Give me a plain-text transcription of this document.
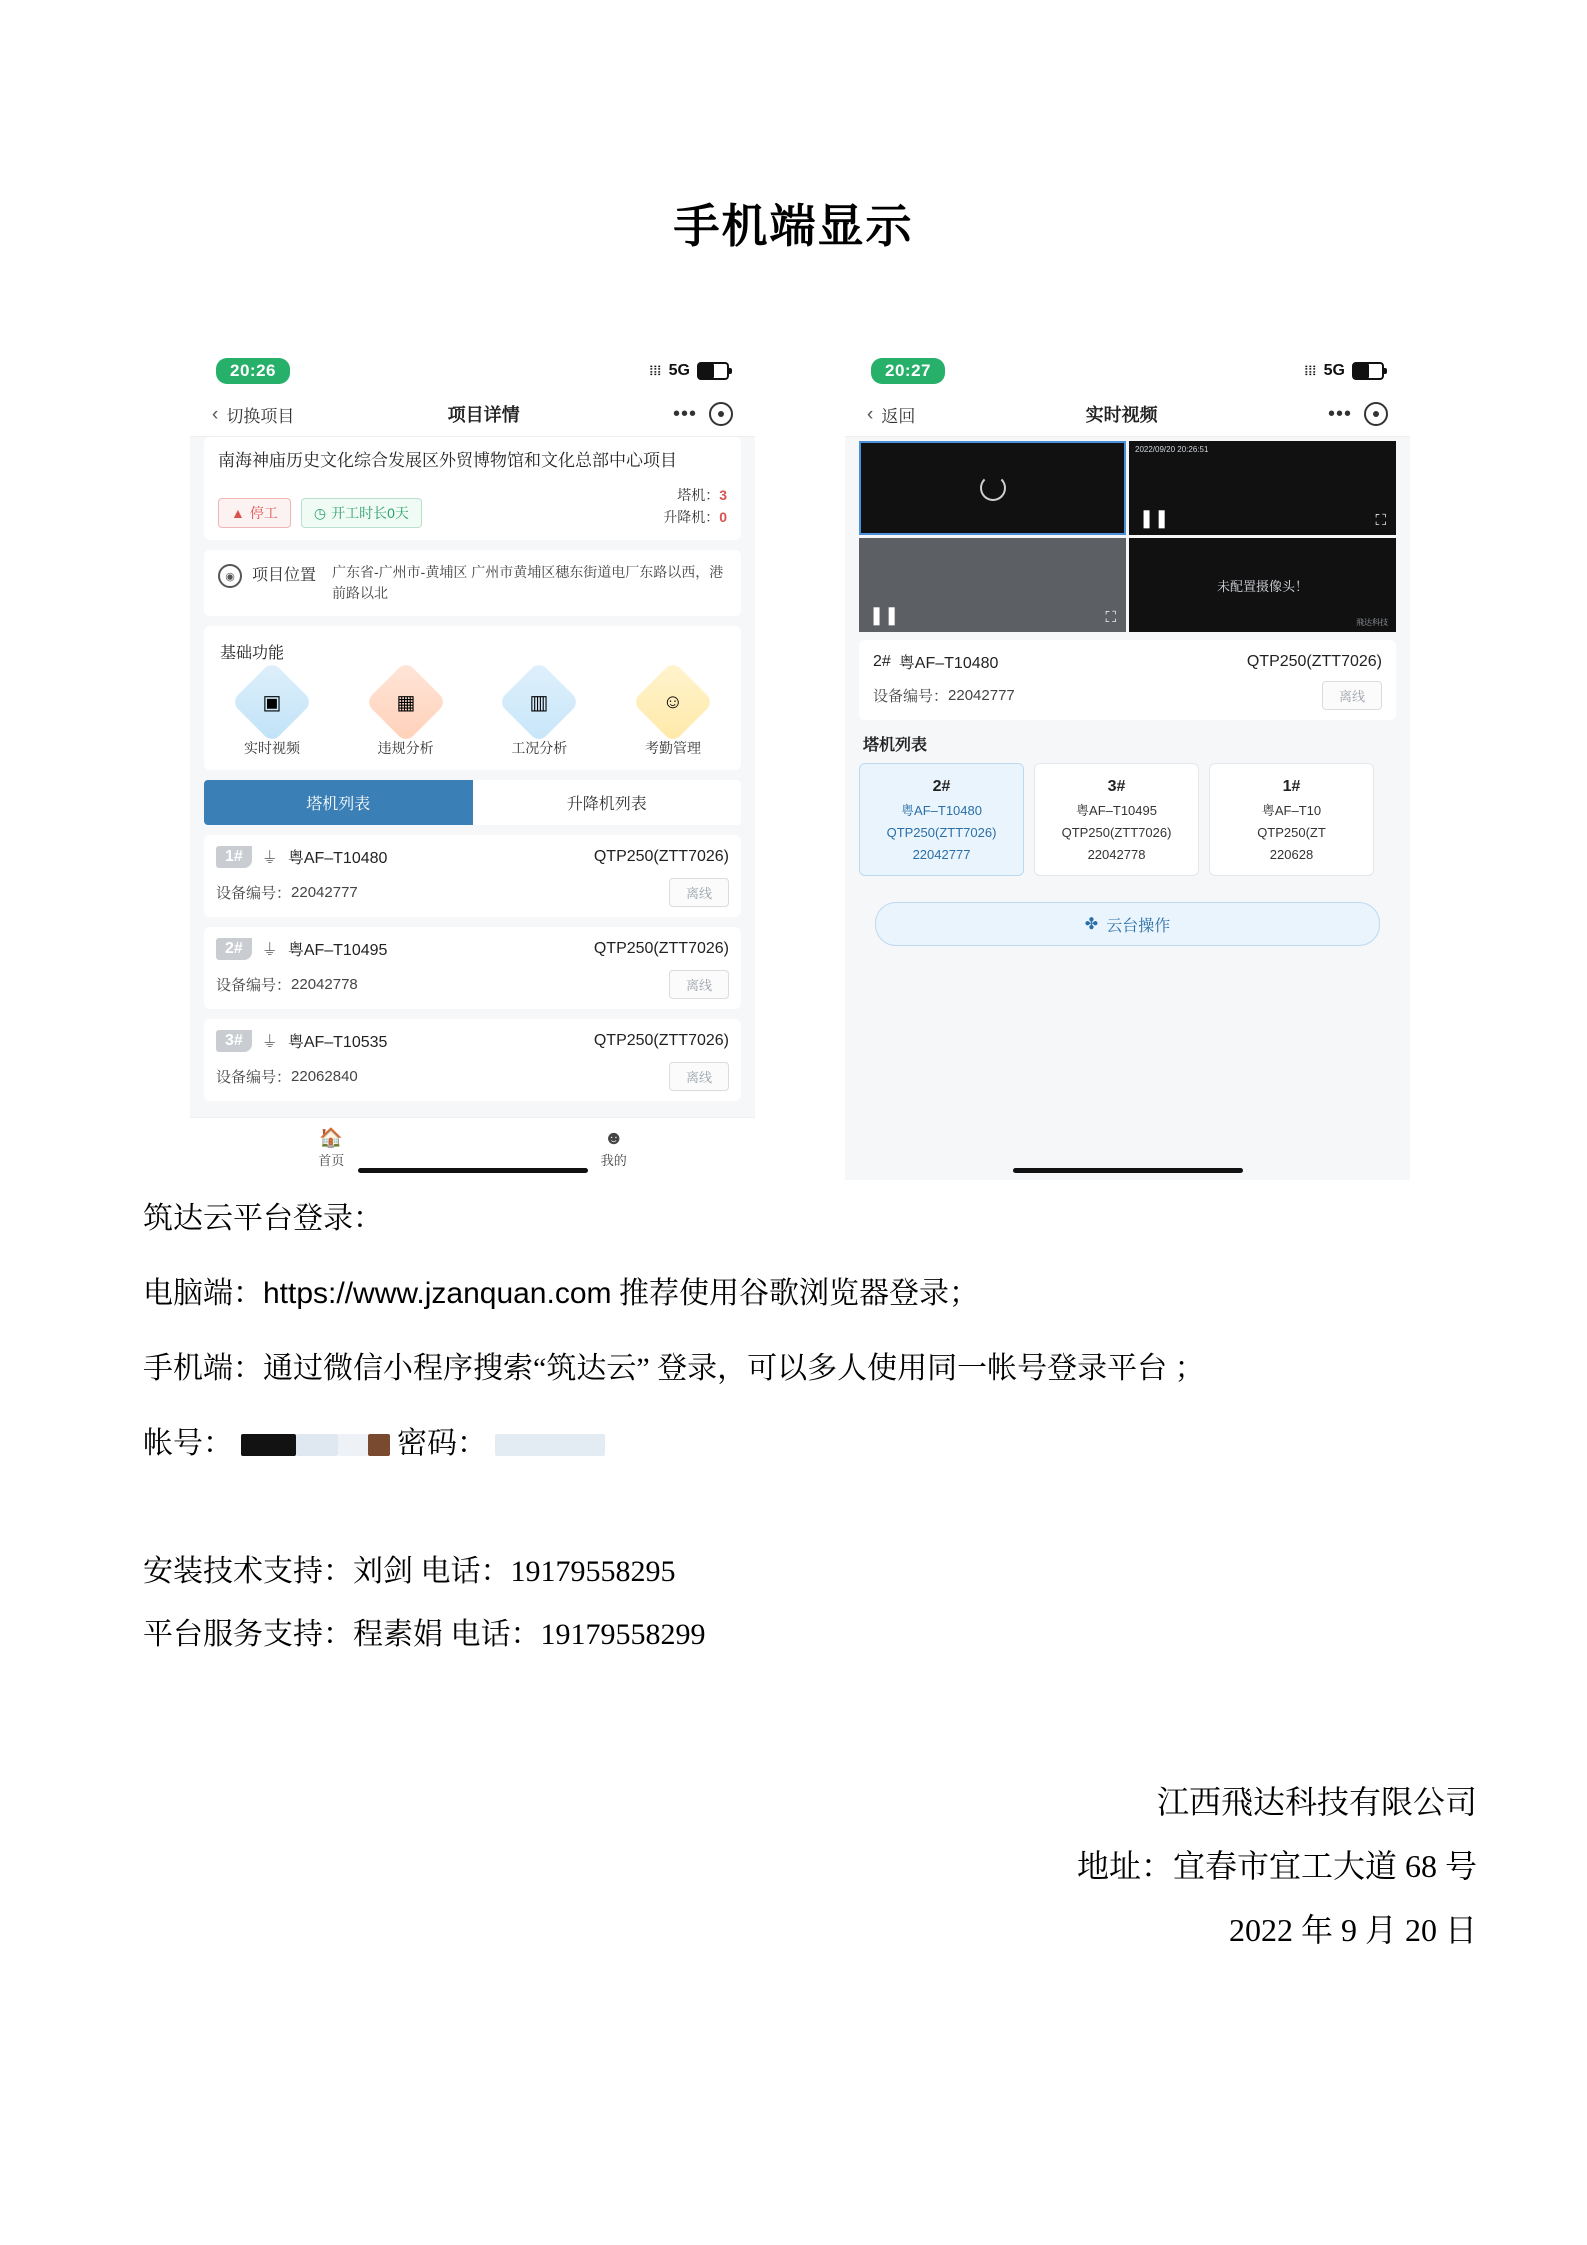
手机端显示
20:26	⦙⦙⦙ 5G
‹ 切换项目	项目详情	•••
南海神庙历史文化综合发展区外贸博物馆和文化总部中心项目
▲ 停工	◷ 开工时长0天
塔机：3
升降机：0
◉	项目位置 广东省-广州市-黄埔区 广州市黄埔区穗东街道电厂东路以西，港前路以北
基础功能
▣
实时视频
▦
违规分析
▥
工况分析
☺
考勤管理
塔机列表	升降机列表
1#	⏚ 粤AF–T10480	QTP250(ZTT7026)
设备编号： 22042777	离线
2#	⏚ 粤AF–T10495	QTP250(ZTT7026)
设备编号： 22042778	离线
3#	⏚ 粤AF–T10535	QTP250(ZTT7026)
设备编号： 22062840	离线
🏠
首页
☻
我的
20:27	⦙⦙⦙ 5G
‹ 返回	实时视频	•••
2022/09/20 20:26:51
❚❚	⛶
❚❚	⛶
未配置摄像头！
飛达科技
2# 粤AF–T10480	QTP250(ZTT7026)
设备编号： 22042777	离线
塔机列表
2#
粤AF–T10480
QTP250(ZTT7026)
22042777
3#
粤AF–T10495
QTP250(ZTT7026)
22042778
1#
粤AF–T10
QTP250(ZT
220628
✤ 云台操作

筑达云平台登录：

电脑端：https://www.jzanquan.com 推荐使用谷歌浏览器登录；

手机端：通过微信小程序搜索“筑达云” 登录，可以多人使用同一帐号登录平台 ；

帐号：	密码：

安装技术支持：刘剑 电话：19179558295
平台服务支持：程素娟 电话：19179558299
江西飛达科技有限公司
地址：宜春市宜工大道 68 号
2022 年 9 月 20 日
